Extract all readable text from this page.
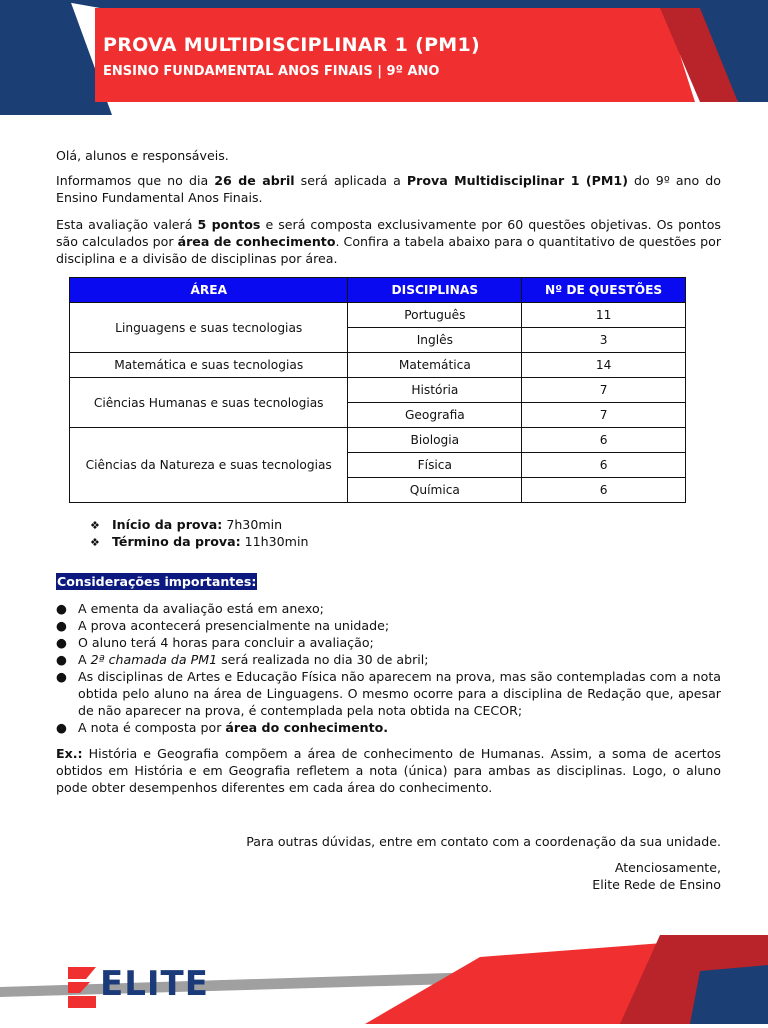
PROVA MULTIDISCIPLINAR 1 (PM1)
ENSINO FUNDAMENTAL ANOS FINAIS | 9º ANO

Olá, alunos e responsáveis.

Informamos que no dia 26 de abril será aplicada a Prova Multidisciplinar 1 (PM1) do 9º ano do Ensino Fundamental Anos Finais.

Esta avaliação valerá 5 pontos e será composta exclusivamente por 60 questões objetivas. Os pontos são calculados por área de conhecimento. Confira a tabela abaixo para o quantitativo de questões por disciplina e a divisão de disciplinas por área.

ÁREA	DISCIPLINAS	Nº DE QUESTÕES
Linguagens e suas tecnologias	Português	11
	Inglês	3
Matemática e suas tecnologias	Matemática	14
Ciências Humanas e suas tecnologias	História	7
	Geografia	7
Ciências da Natureza e suas tecnologias	Biologia	6
	Física	6
	Química	6
❖ Início da prova: 7h30min
❖ Término da prova: 11h30min
Considerações importantes:
● A ementa da avaliação está em anexo;
● A prova acontecerá presencialmente na unidade;
● O aluno terá 4 horas para concluir a avaliação;
● A 2ª chamada da PM1 será realizada no dia 30 de abril;
● As disciplinas de Artes e Educação Física não aparecem na prova, mas são contempladas com a nota obtida pelo aluno na área de Linguagens. O mesmo ocorre para a disciplina de Redação que, apesar de não aparecer na prova, é contemplada pela nota obtida na CECOR;
● A nota é composta por área do conhecimento.

Ex.: História e Geografia compõem a área de conhecimento de Humanas. Assim, a soma de acertos obtidos em História e em Geografia refletem a nota (única) para ambas as disciplinas. Logo, o aluno pode obter desempenhos diferentes em cada área do conhecimento.

Para outras dúvidas, entre em contato com a coordenação da sua unidade.
Atenciosamente,
Elite Rede de Ensino
ELITE
